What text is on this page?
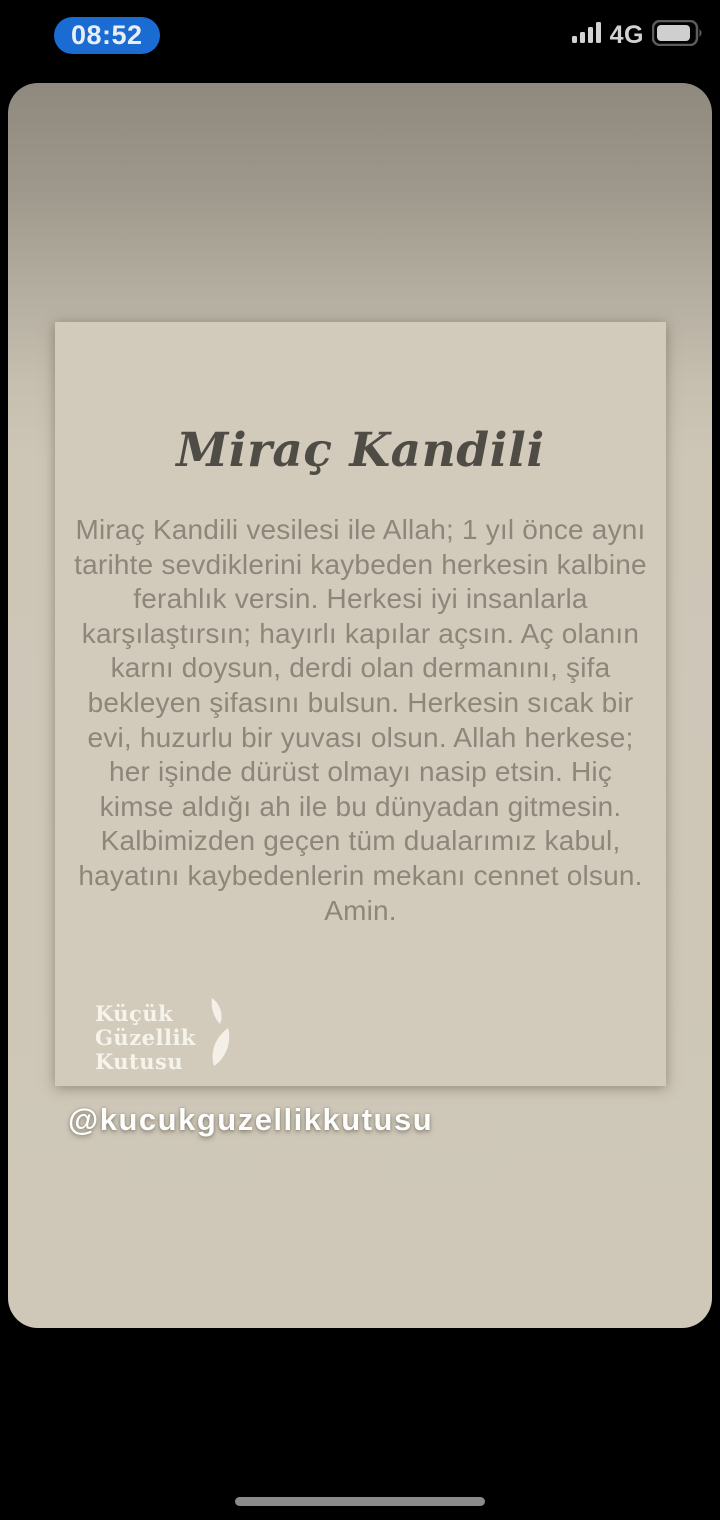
08:52	4G
Miraç Kandili
Miraç Kandili vesilesi ile Allah; 1 yıl önce aynı tarihte sevdiklerini kaybeden herkesin kalbine ferahlık versin. Herkesi iyi insanlarla karşılaştırsın; hayırlı kapılar açsın. Aç olanın karnı doysun, derdi olan dermanını, şifa bekleyen şifasını bulsun. Herkesin sıcak bir evi, huzurlu bir yuvası olsun. Allah herkese; her işinde dürüst olmayı nasip etsin. Hiç kimse aldığı ah ile bu dünyadan gitmesin. Kalbimizden geçen tüm dualarımız kabul, hayatını kaybedenlerin mekanı cennet olsun. Amin.
Küçük
Güzellik
Kutusu
@kucukguzellikkutusu
